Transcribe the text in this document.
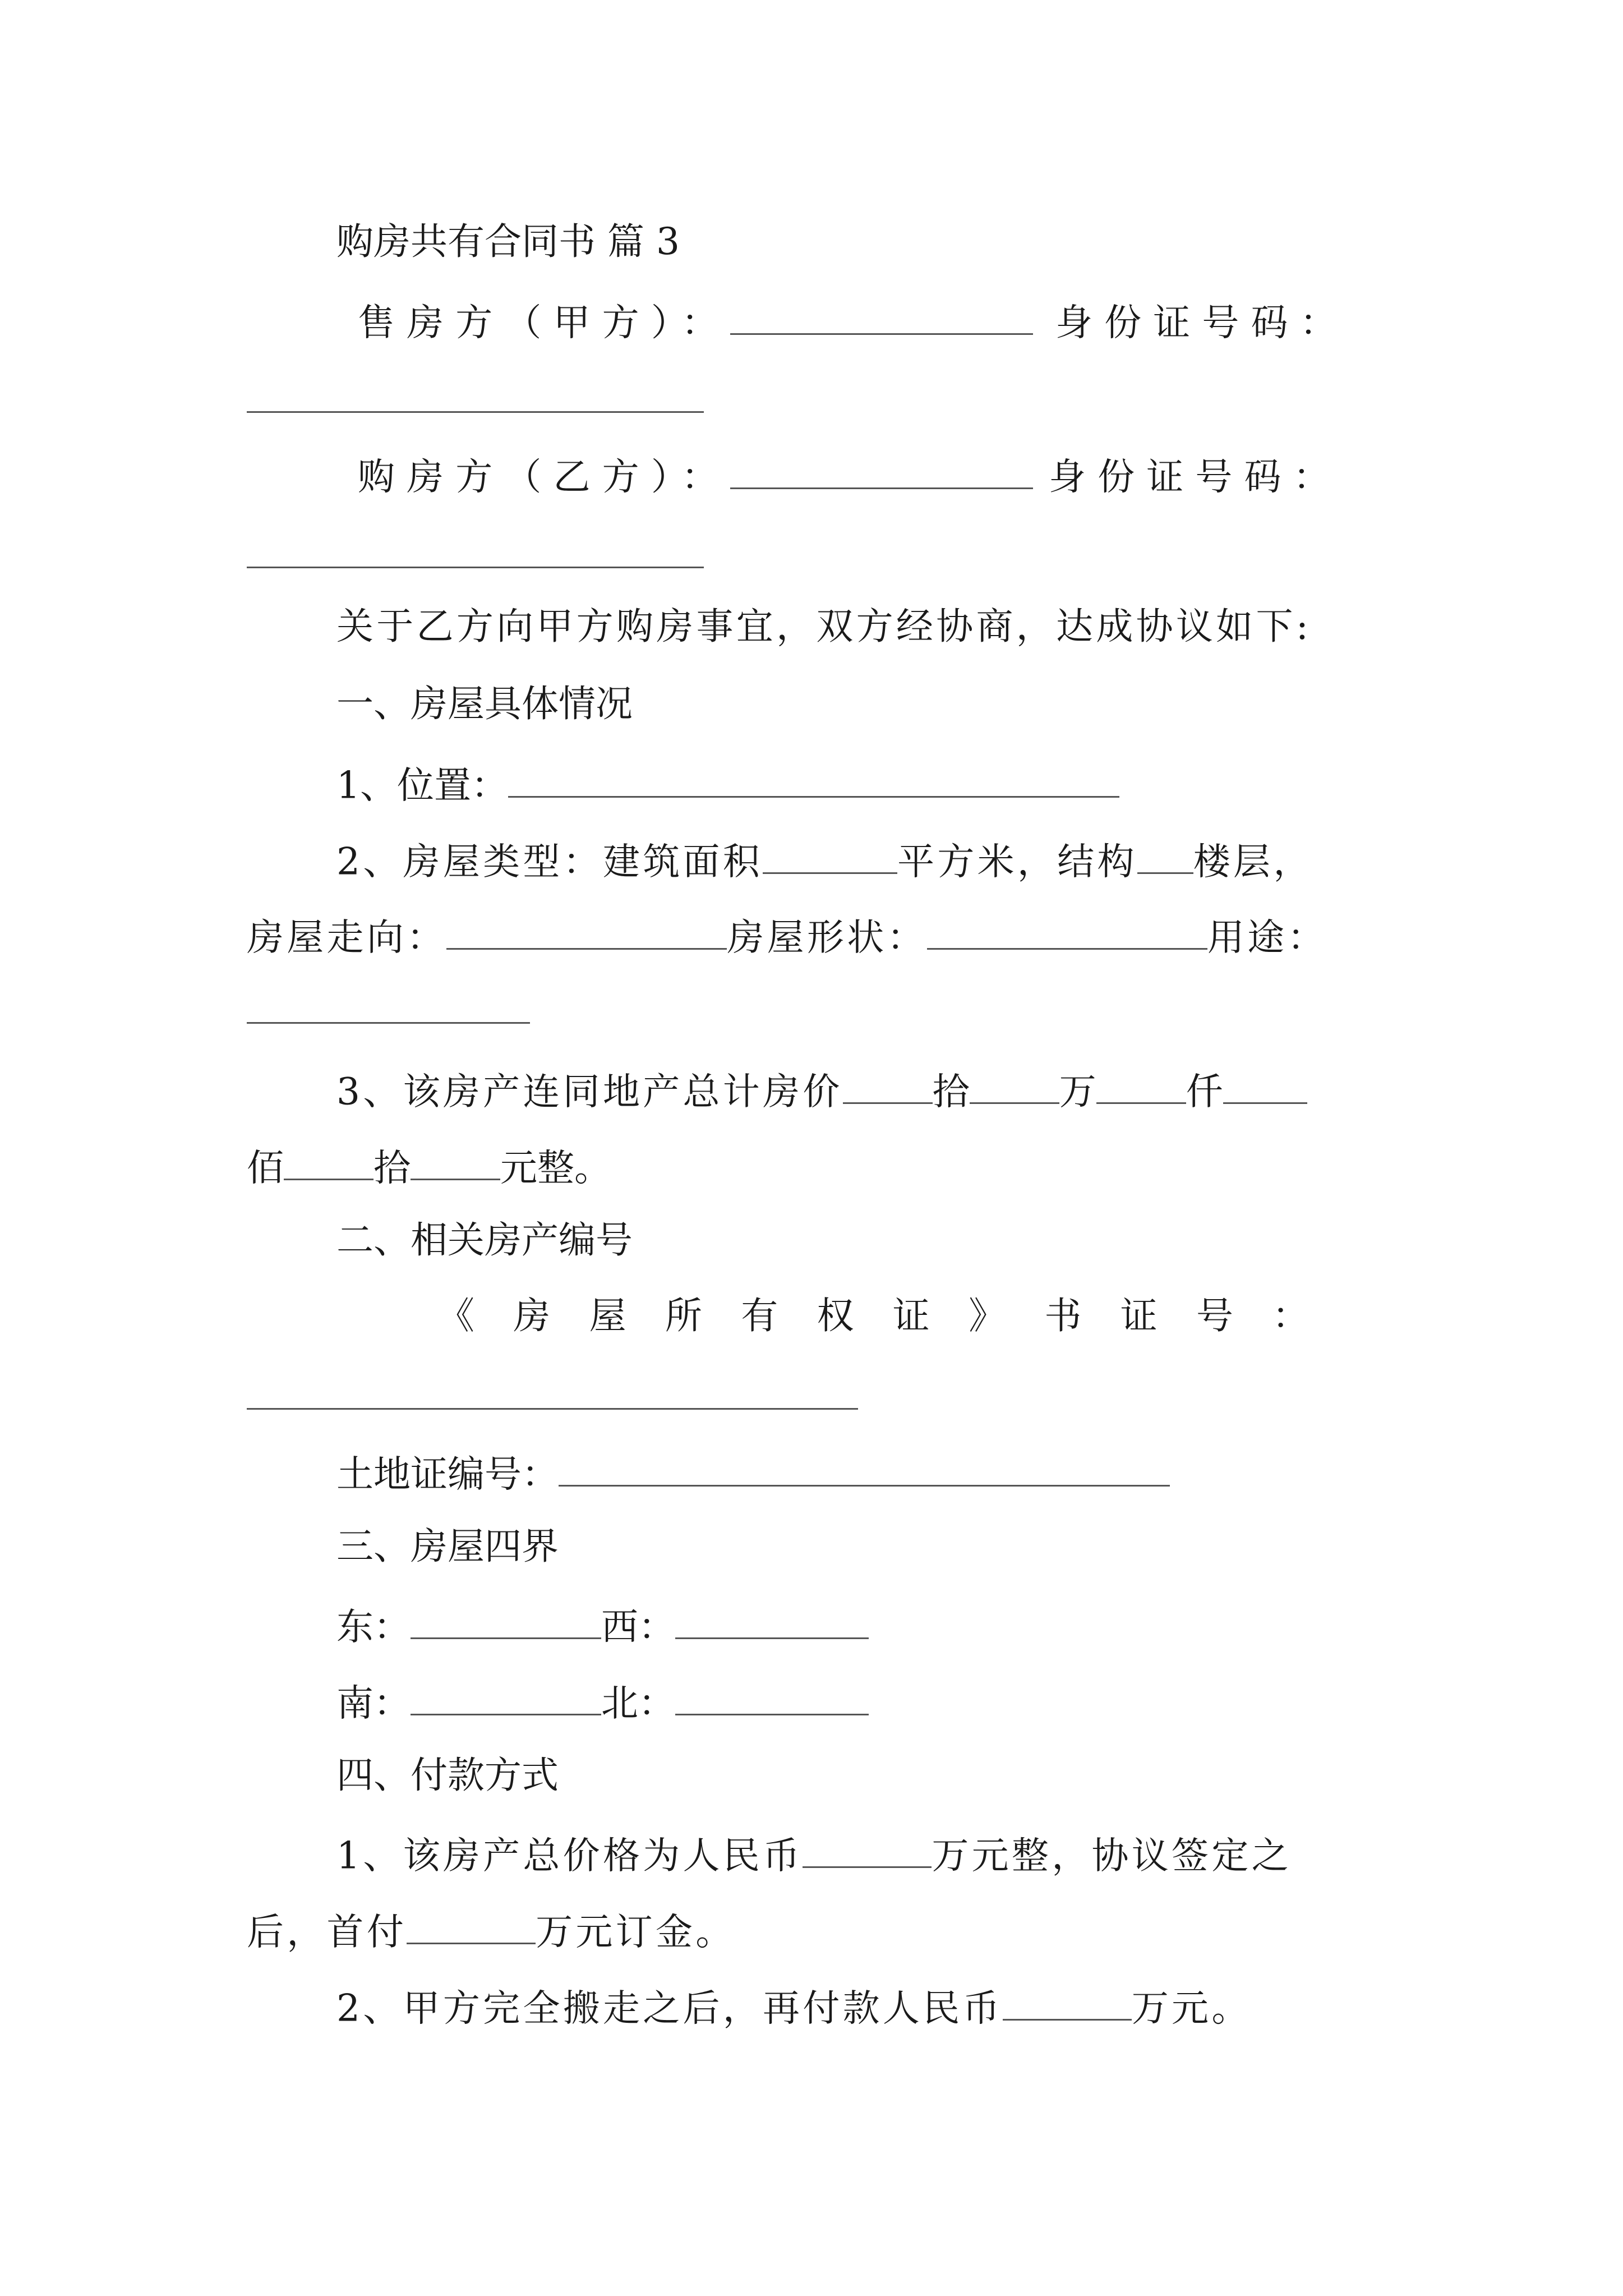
购房共有合同书 篇 3
售房方（甲方）：	身份证号码：
购房方（乙方）：	身份证号码：
关于乙方向甲方购房事宜，双方经协商，达成协议如下:
一、房屋具体情况
1、位置：
2、房屋类型：建筑面积	平方米，结构 楼层，
房屋走向：	房屋形状：	用途：
3、该房产连同地产总计房价 拾 万 仟
佰 拾 元整。
二、相关房产编号
《房屋所有权证》书证号：
土地证编号：
三、房屋四界
东：	西：
南：	北：
四、付款方式
1、该房产总价格为人民币	万元整，协议签定之
后，首付	万元订金。
2、甲方完全搬走之后，再付款人民币	万元。
